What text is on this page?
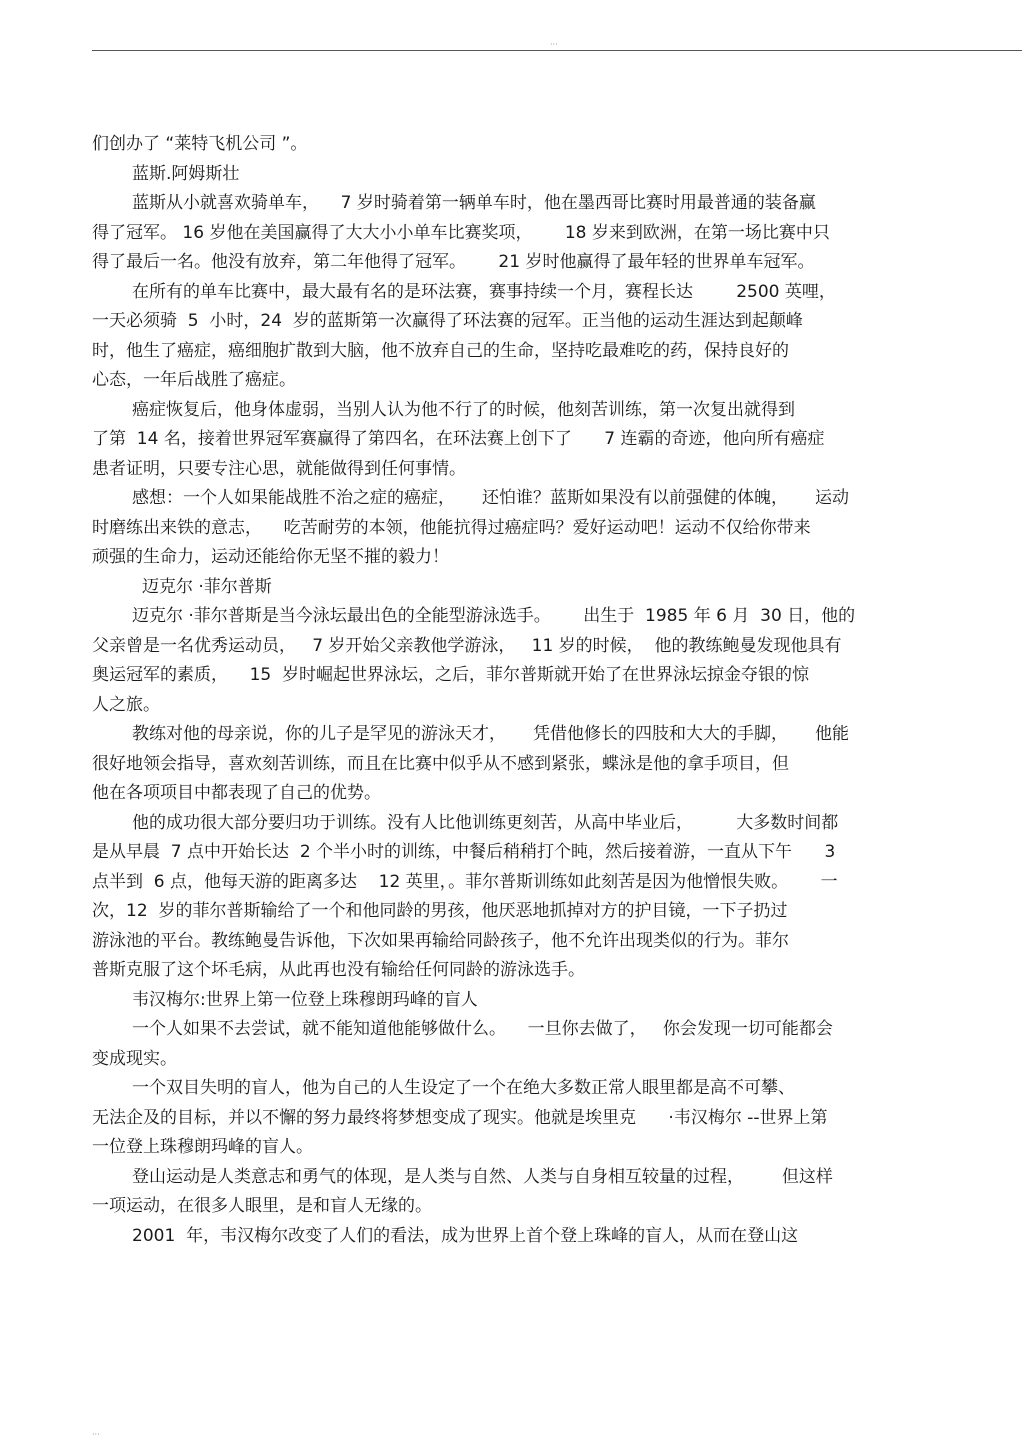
···
们创办了 “莱特飞机公司 ”。
蓝斯.阿姆斯壮
蓝斯从小就喜欢骑单车，    7 岁时骑着第一辆单车时，他在墨西哥比赛时用最普通的装备赢
得了冠军。 16 岁他在美国赢得了大大小小单车比赛奖项，      18 岁来到欧洲，在第一场比赛中只
得了最后一名。他没有放弃，第二年他得了冠军。      21 岁时他赢得了最年轻的世界单车冠军。
在所有的单车比赛中，最大最有名的是环法赛，赛事持续一个月，赛程长达        2500 英哩，
一天必须骑  5  小时，24  岁的蓝斯第一次赢得了环法赛的冠军。正当他的运动生涯达到起颠峰
时，他生了癌症，癌细胞扩散到大脑，他不放弃自己的生命，坚持吃最难吃的药，保持良好的
心态，一年后战胜了癌症。
癌症恢复后，他身体虚弱，当别人认为他不行了的时候，他刻苦训练，第一次复出就得到
了第  14 名，接着世界冠军赛赢得了第四名，在环法赛上创下了      7 连霸的奇迹，他向所有癌症
患者证明，只要专注心思，就能做得到任何事情。
感想：一个人如果能战胜不治之症的癌症，     还怕谁？蓝斯如果没有以前强健的体魄，     运动
时磨练出来铁的意志，    吃苦耐劳的本领，他能抗得过癌症吗？爱好运动吧！运动不仅给你带来
顽强的生命力，运动还能给你无坚不摧的毅力！
迈克尔 ·菲尔普斯
迈克尔 ·菲尔普斯是当今泳坛最出色的全能型游泳选手。      出生于  1985 年 6 月  30 日，他的
父亲曾是一名优秀运动员，   7 岁开始父亲教他学游泳，   11 岁的时候，  他的教练鲍曼发现他具有
奥运冠军的素质，    15  岁时崛起世界泳坛，之后，菲尔普斯就开始了在世界泳坛掠金夺银的惊
人之旅。
教练对他的母亲说，你的儿子是罕见的游泳天才，     凭借他修长的四肢和大大的手脚，     他能
很好地领会指导，喜欢刻苦训练，而且在比赛中似乎从不感到紧张，蝶泳是他的拿手项目，但
他在各项项目中都表现了自己的优势。
他的成功很大部分要归功于训练。没有人比他训练更刻苦，从高中毕业后，        大多数时间都
是从早晨  7 点中开始长达  2 个半小时的训练，中餐后稍稍打个盹，然后接着游，一直从下午      3
点半到  6 点，他每天游的距离多达    12 英里，。菲尔普斯训练如此刻苦是因为他憎恨失败。      一
次，12  岁的菲尔普斯输给了一个和他同龄的男孩，他厌恶地抓掉对方的护目镜，一下子扔过
游泳池的平台。教练鲍曼告诉他，下次如果再输给同龄孩子，他不允许出现类似的行为。菲尔
普斯克服了这个坏毛病，从此再也没有输给任何同龄的游泳选手。
韦汉梅尔:世界上第一位登上珠穆朗玛峰的盲人
一个人如果不去尝试，就不能知道他能够做什么。    一旦你去做了，   你会发现一切可能都会
变成现实。
一个双目失明的盲人，他为自己的人生设定了一个在绝大多数正常人眼里都是高不可攀、
无法企及的目标，并以不懈的努力最终将梦想变成了现实。他就是埃里克      ·韦汉梅尔 --世界上第
一位登上珠穆朗玛峰的盲人。
登山运动是人类意志和勇气的体现，是人类与自然、人类与自身相互较量的过程，       但这样
一项运动，在很多人眼里，是和盲人无缘的。
2001  年，韦汉梅尔改变了人们的看法，成为世界上首个登上珠峰的盲人，从而在登山这
···
